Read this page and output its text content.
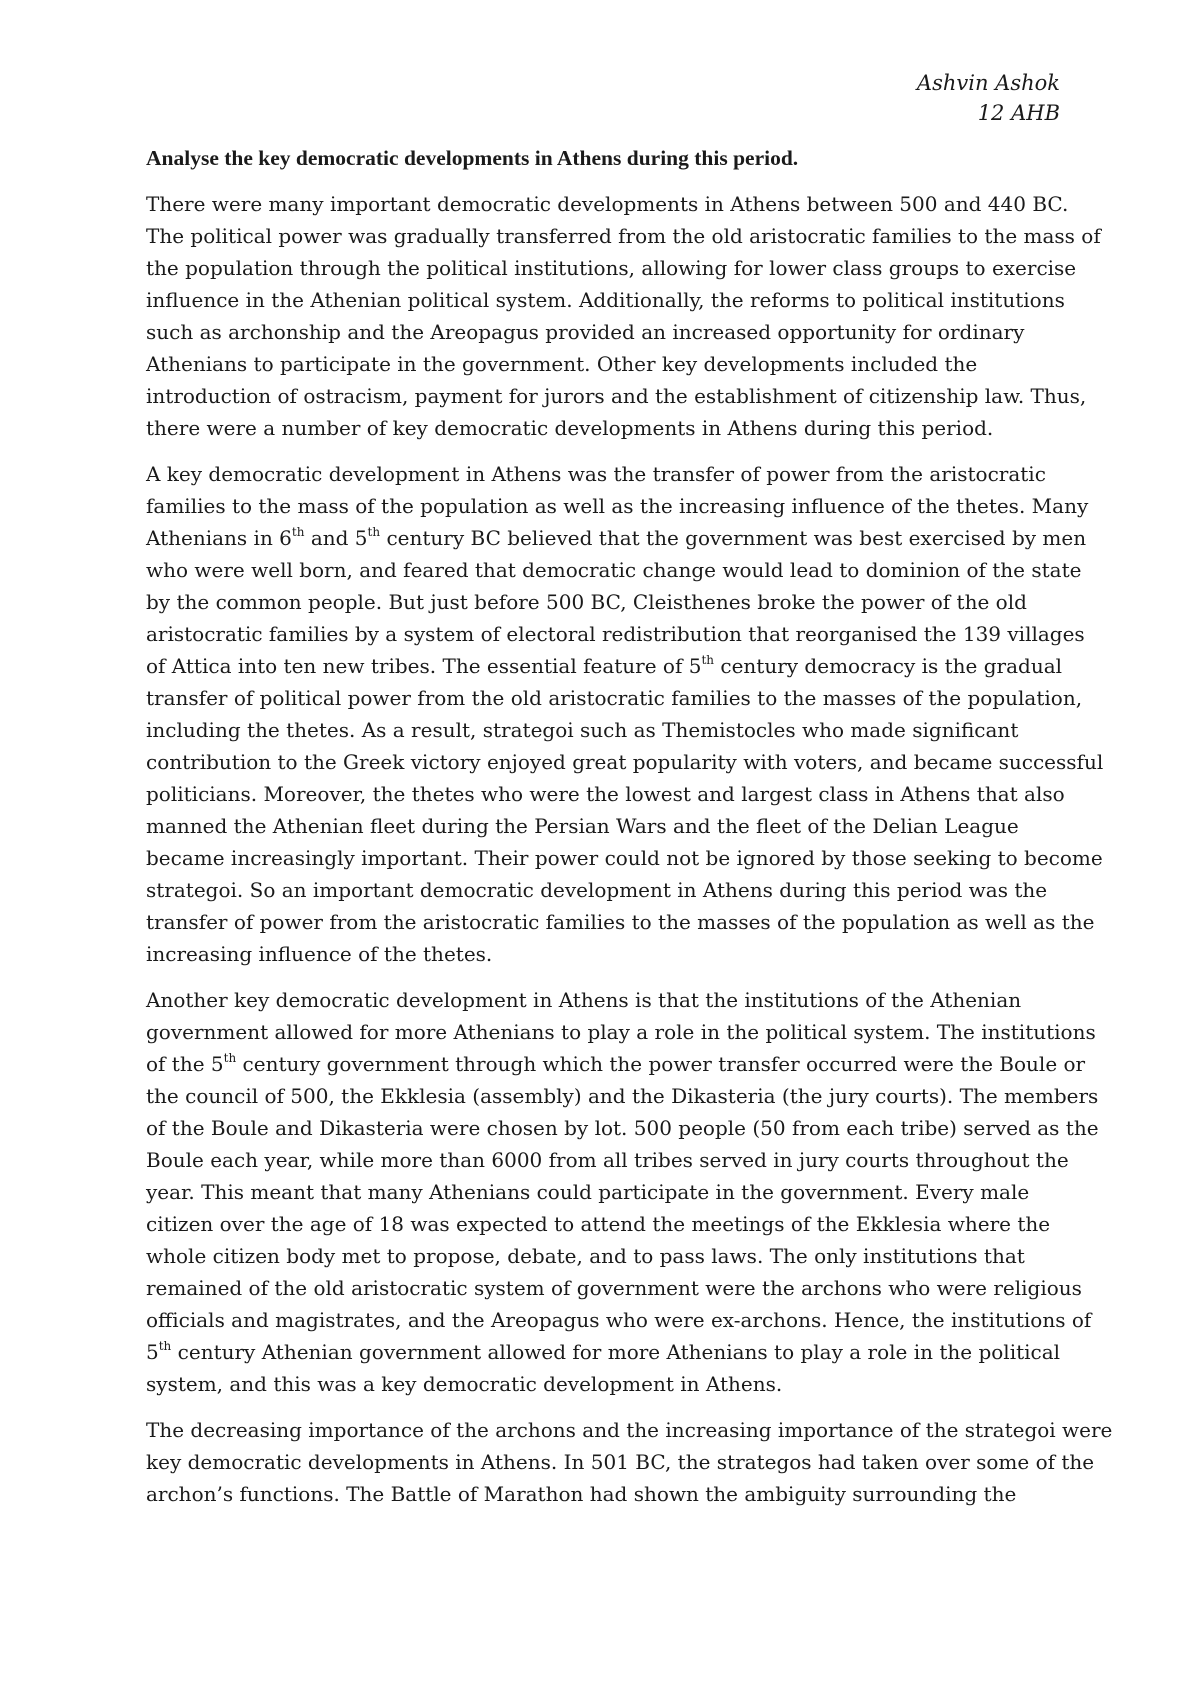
Ashvin Ashok
12 AHB
Analyse the key democratic developments in Athens during this period.
There were many important democratic developments in Athens between 500 and 440 BC.
The political power was gradually transferred from the old aristocratic families to the mass of
the population through the political institutions, allowing for lower class groups to exercise
influence in the Athenian political system. Additionally, the reforms to political institutions
such as archonship and the Areopagus provided an increased opportunity for ordinary
Athenians to participate in the government. Other key developments included the
introduction of ostracism, payment for jurors and the establishment of citizenship law. Thus,
there were a number of key democratic developments in Athens during this period.
A key democratic development in Athens was the transfer of power from the aristocratic
families to the mass of the population as well as the increasing influence of the thetes. Many
Athenians in 6th and 5th century BC believed that the government was best exercised by men
who were well born, and feared that democratic change would lead to dominion of the state
by the common people. But just before 500 BC, Cleisthenes broke the power of the old
aristocratic families by a system of electoral redistribution that reorganised the 139 villages
of Attica into ten new tribes. The essential feature of 5th century democracy is the gradual
transfer of political power from the old aristocratic families to the masses of the population,
including the thetes. As a result, strategoi such as Themistocles who made significant
contribution to the Greek victory enjoyed great popularity with voters, and became successful
politicians. Moreover, the thetes who were the lowest and largest class in Athens that also
manned the Athenian fleet during the Persian Wars and the fleet of the Delian League
became increasingly important. Their power could not be ignored by those seeking to become
strategoi. So an important democratic development in Athens during this period was the
transfer of power from the aristocratic families to the masses of the population as well as the
increasing influence of the thetes.
Another key democratic development in Athens is that the institutions of the Athenian
government allowed for more Athenians to play a role in the political system. The institutions
of the 5th century government through which the power transfer occurred were the Boule or
the council of 500, the Ekklesia (assembly) and the Dikasteria (the jury courts). The members
of the Boule and Dikasteria were chosen by lot. 500 people (50 from each tribe) served as the
Boule each year, while more than 6000 from all tribes served in jury courts throughout the
year. This meant that many Athenians could participate in the government. Every male
citizen over the age of 18 was expected to attend the meetings of the Ekklesia where the
whole citizen body met to propose, debate, and to pass laws. The only institutions that
remained of the old aristocratic system of government were the archons who were religious
officials and magistrates, and the Areopagus who were ex-archons. Hence, the institutions of
5th century Athenian government allowed for more Athenians to play a role in the political
system, and this was a key democratic development in Athens.
The decreasing importance of the archons and the increasing importance of the strategoi were
key democratic developments in Athens. In 501 BC, the strategos had taken over some of the
archon’s functions. The Battle of Marathon had shown the ambiguity surrounding the
